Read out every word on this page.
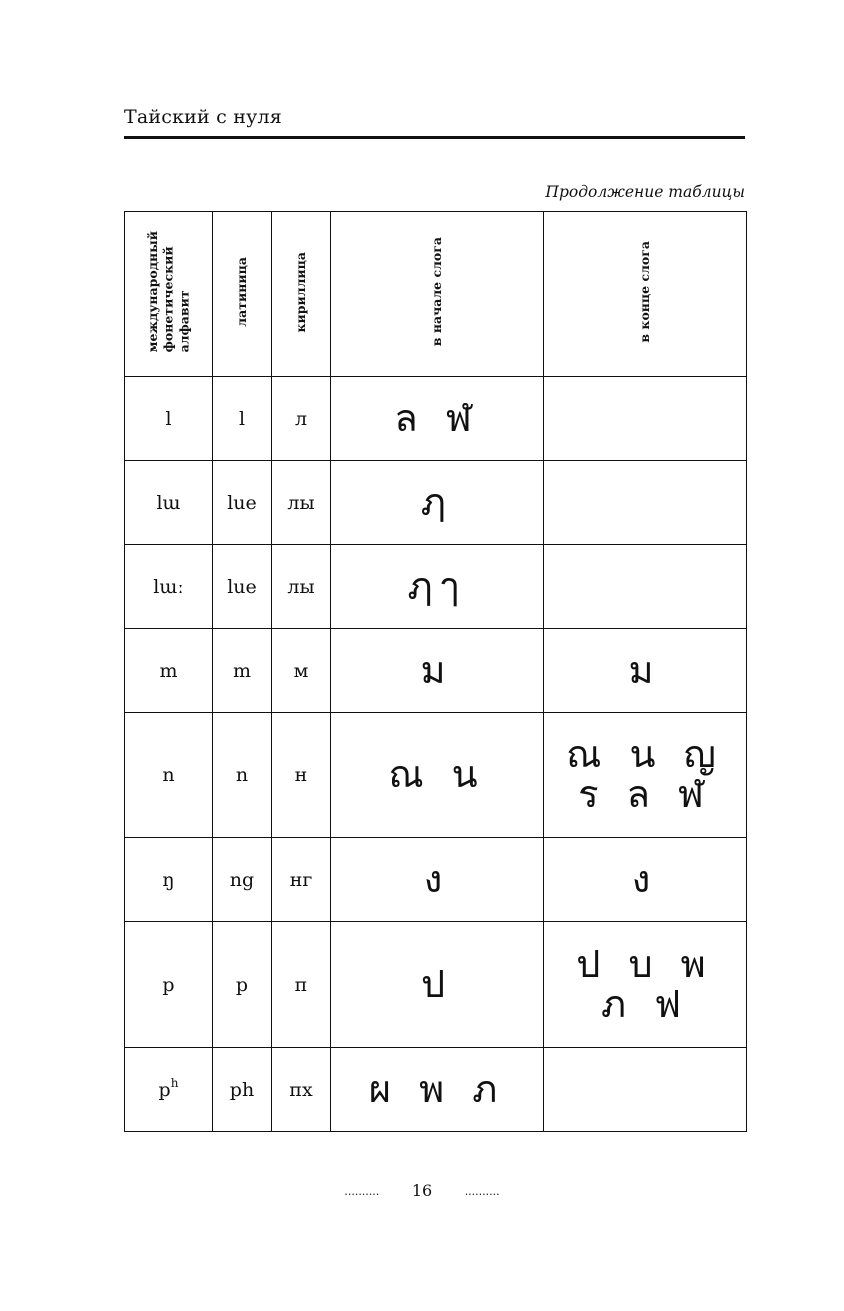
Тайский с нуля
Продолжение таблицы
международный
фонетический
алфавит	латиница	кириллица	в начале слога	в конце слога
l	l	л	ล ฬ	
lɯ	lue	лы	ฦ	
lɯː	lue	лы	ฦๅ	
m	m	м	ม	ม
n	n	н	ณ น	ณ น ญ ร ล ฬ
ŋ	ng	нг	ง	ง
p	p	п	ป	ป บ พ ภ ฟ
$p^h$	ph	пх	ผ พ ภ	
.......... 16	..........
